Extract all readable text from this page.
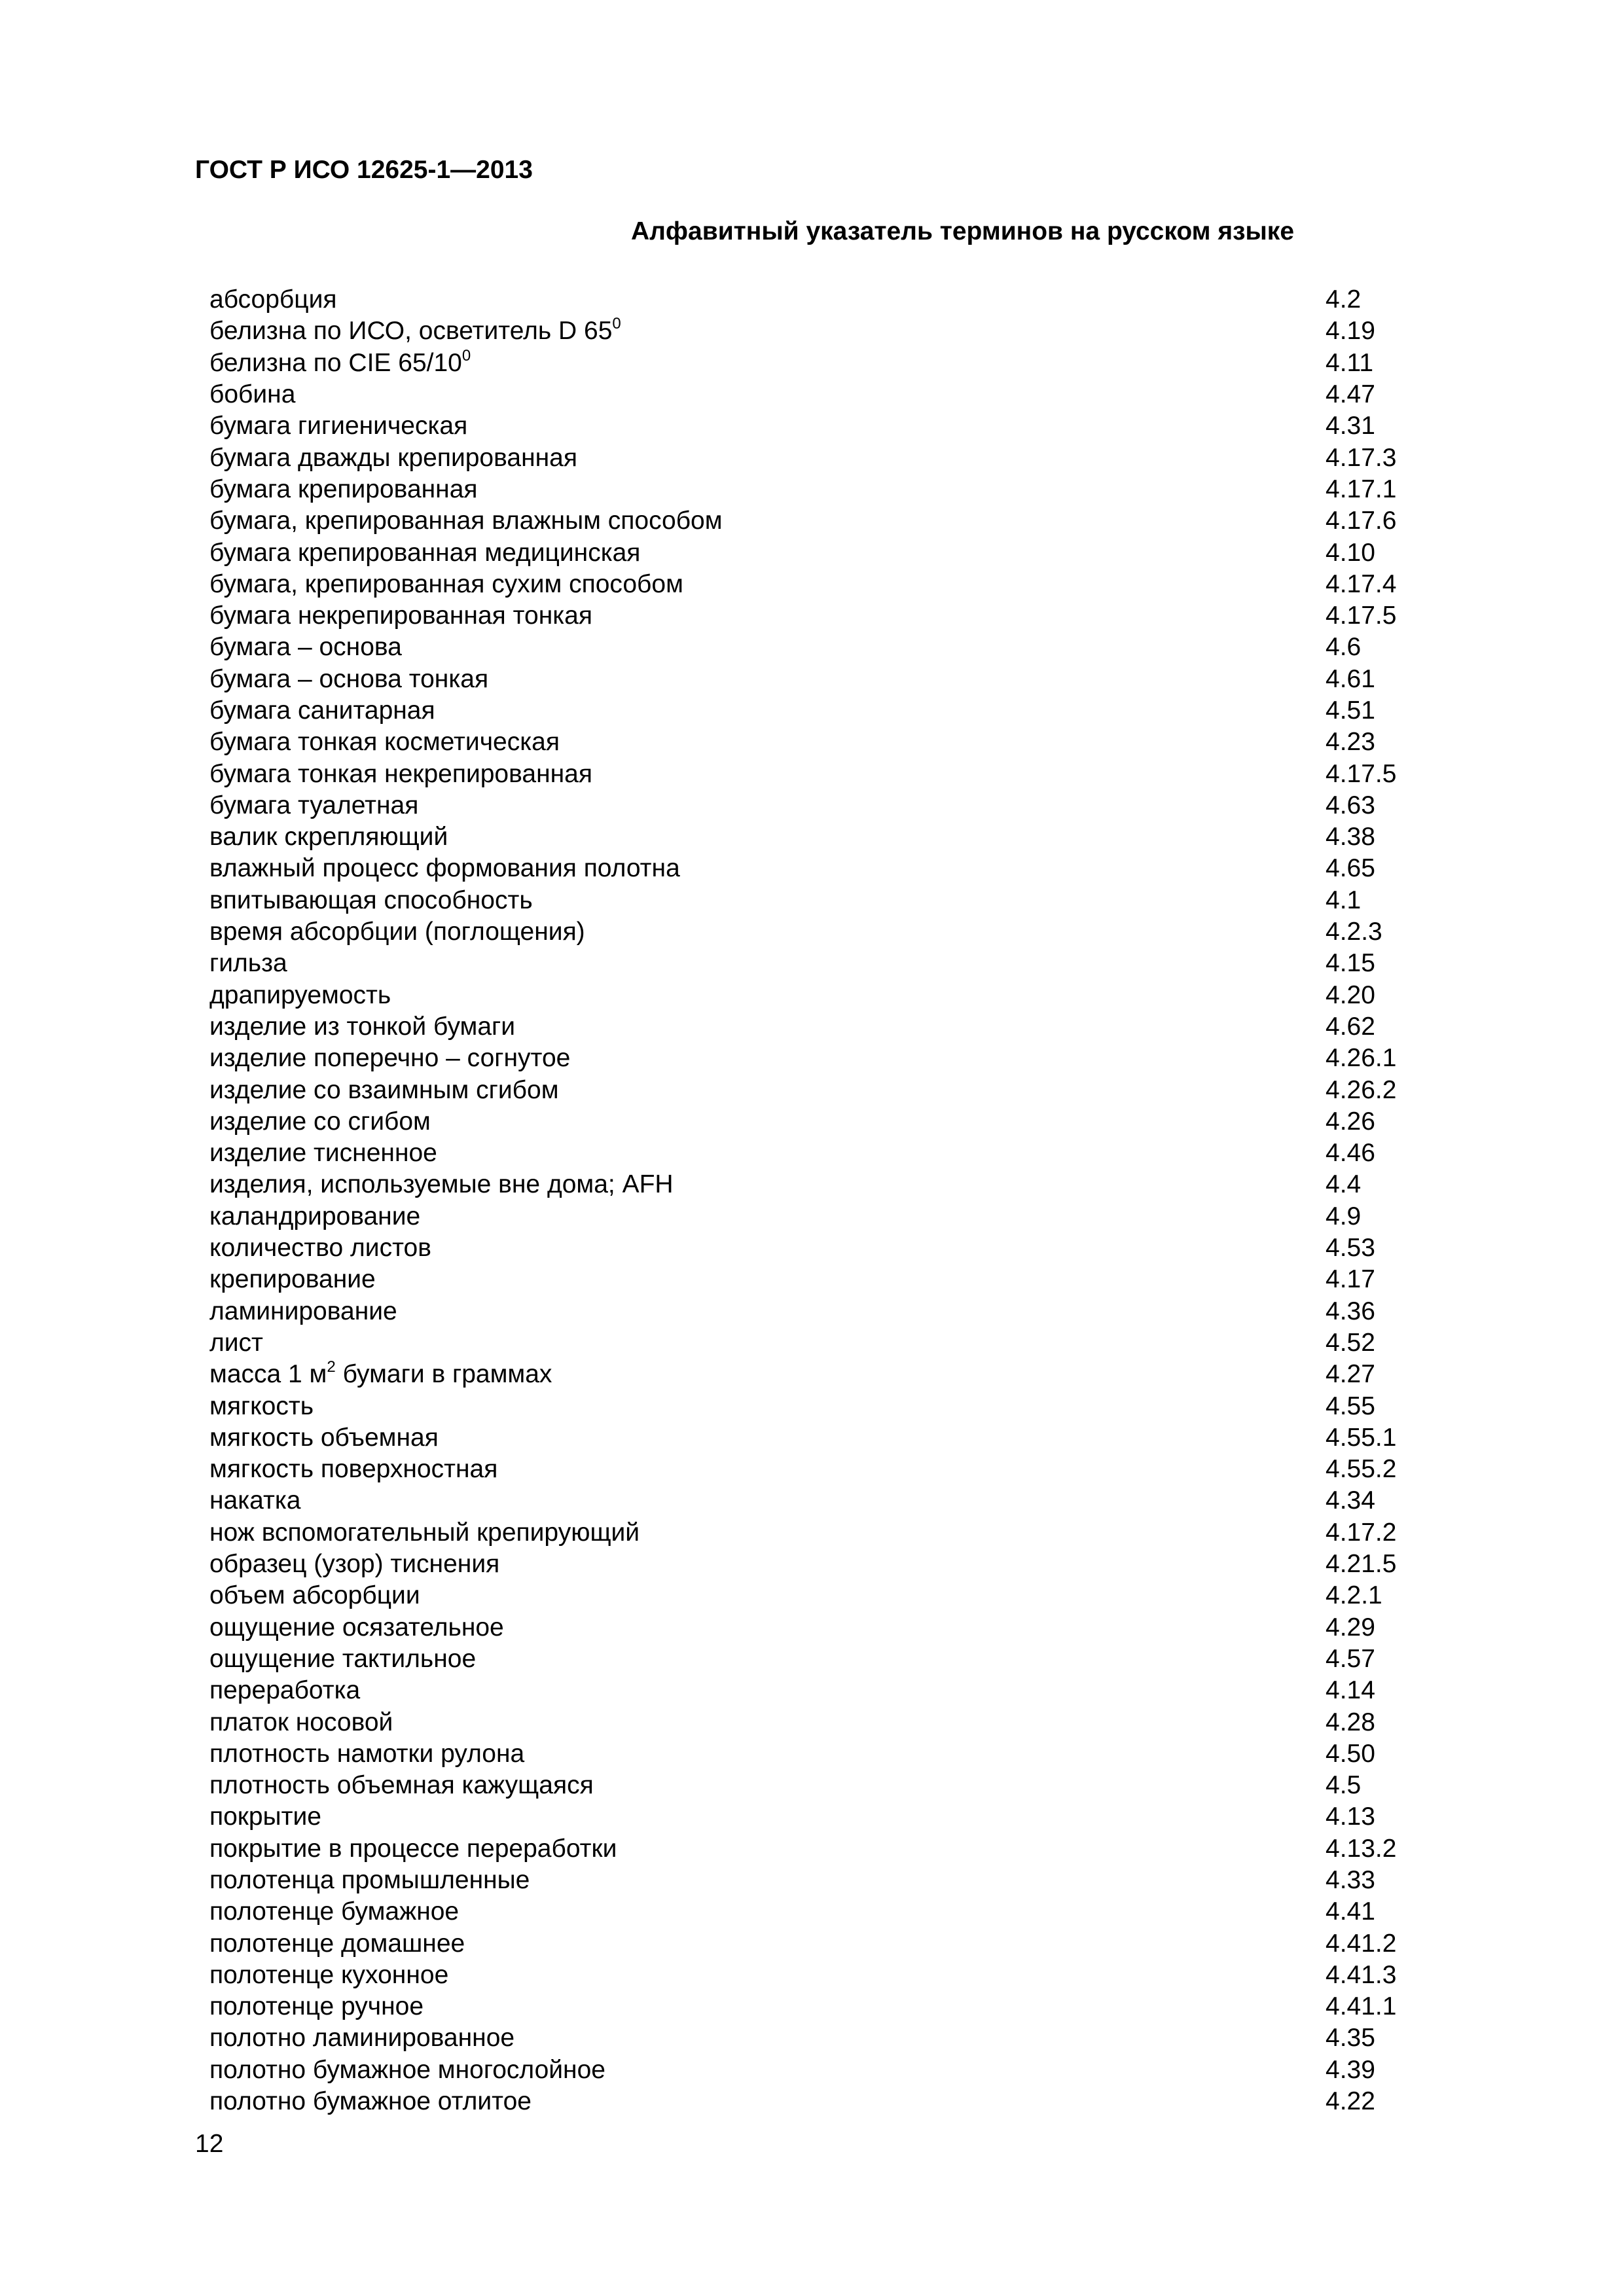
ГОСТ Р ИСО 12625-1—2013

Алфавитный указатель терминов на русском языке

абсорбция	4.2
белизна по ИСО, осветитель D $65^0$	4.19
белизна по CIE $65/10^0$	4.11
бобина	4.47
бумага гигиеническая	4.31
бумага дважды крепированная	4.17.3
бумага крепированная	4.17.1
бумага, крепированная влажным способом	4.17.6
бумага крепированная медицинская	4.10
бумага, крепированная сухим способом	4.17.4
бумага некрепированная тонкая	4.17.5
бумага – основа	4.6
бумага – основа тонкая	4.61
бумага санитарная	4.51
бумага тонкая косметическая	4.23
бумага тонкая некрепированная	4.17.5
бумага туалетная	4.63
валик скрепляющий	4.38
влажный процесс формования полотна	4.65
впитывающая способность	4.1
время абсорбции (поглощения)	4.2.3
гильза	4.15
драпируемость	4.20
изделие из тонкой бумаги	4.62
изделие поперечно – согнутое	4.26.1
изделие со взаимным сгибом	4.26.2
изделие со сгибом	4.26
изделие тисненное	4.46
изделия, используемые вне дома; AFH	4.4
каландрирование	4.9
количество листов	4.53
крепирование	4.17
ламинирование	4.36
лист	4.52
масса 1 $м^2$ бумаги в граммах	4.27
мягкость	4.55
мягкость объемная	4.55.1
мягкость поверхностная	4.55.2
накатка	4.34
нож вспомогательный крепирующий	4.17.2
образец (узор) тиснения	4.21.5
объем абсорбции	4.2.1
ощущение осязательное	4.29
ощущение тактильное	4.57
переработка	4.14
платок носовой	4.28
плотность намотки рулона	4.50
плотность объемная кажущаяся	4.5
покрытие	4.13
покрытие в процессе переработки	4.13.2
полотенца промышленные	4.33
полотенце бумажное	4.41
полотенце домашнее	4.41.2
полотенце кухонное	4.41.3
полотенце ручное	4.41.1
полотно ламинированное	4.35
полотно бумажное многослойное	4.39
полотно бумажное отлитое	4.22

12
